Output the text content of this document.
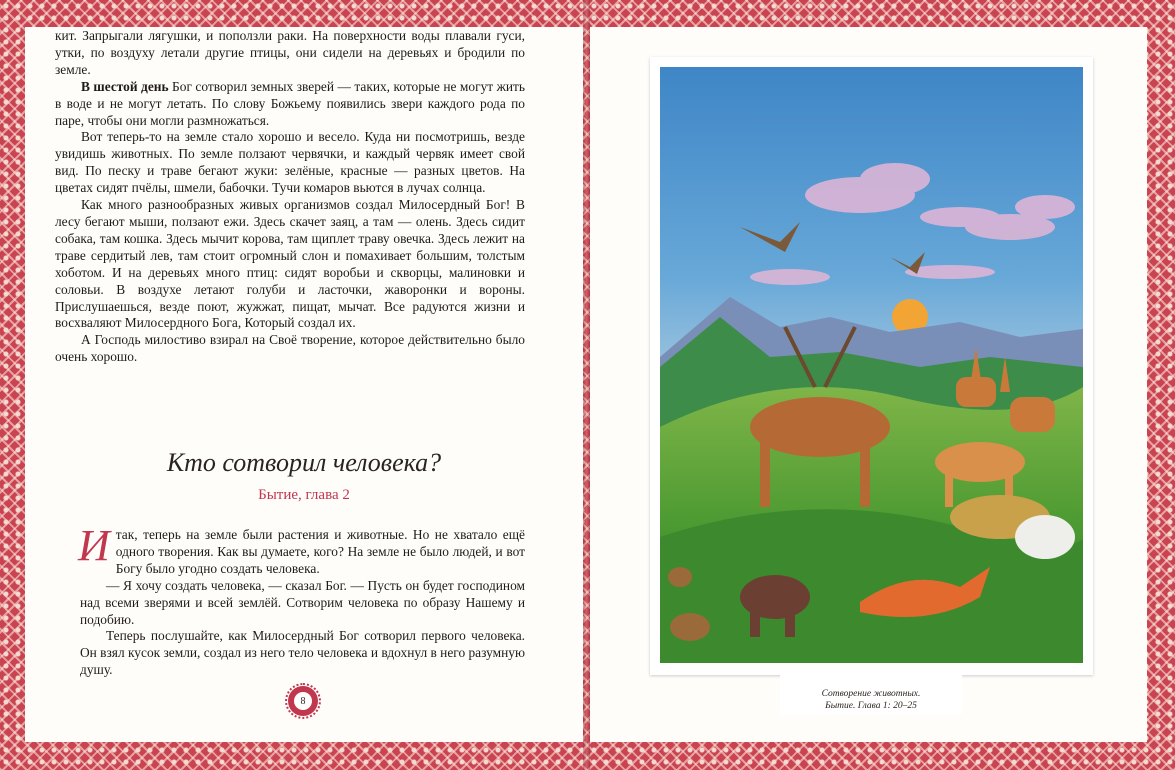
кит. Запрыгали лягушки, и поползли раки. На поверхности воды плавали гуси, утки, по воздуху летали другие птицы, они сидели на деревьях и бродили по земле.

В шестой день Бог сотворил земных зверей — таких, которые не могут жить в воде и не могут летать. По слову Божьему появились звери каждого рода по паре, чтобы они могли размножаться.

Вот теперь-то на земле стало хорошо и весело. Куда ни посмотришь, везде увидишь животных. По земле ползают червячки, и каждый червяк имеет свой вид. По песку и траве бегают жуки: зелёные, красные — разных цветов. На цветах сидят пчёлы, шмели, бабочки. Тучи комаров вьются в лучах солнца.

Как много разнообразных живых организмов создал Милосердный Бог! В лесу бегают мыши, ползают ежи. Здесь скачет заяц, а там — олень. Здесь сидит собака, там кошка. Здесь мычит корова, там щиплет траву овечка. Здесь лежит на траве сердитый лев, там стоит огромный слон и помахивает большим, толстым хоботом. И на деревьях много птиц: сидят воробьи и скворцы, малиновки и соловьи. В воздухе летают голуби и ласточки, жаворонки и вороны. Прислушаешься, везде поют, жужжат, пищат, мычат. Все радуются жизни и восхваляют Милосердного Бога, Который создал их.

А Господь милостиво взирал на Своё творение, которое действительно было очень хорошо.

Кто сотворил человека?
Бытие, глава 2

Итак, теперь на земле были растения и животные. Но не хватало ещё одного творения. Как вы думаете, кого? На земле не было людей, и вот Богу было угодно создать человека.

— Я хочу создать человека, — сказал Бог. — Пусть он будет господином над всеми зверями и всей землёй. Сотворим человека по образу Нашему и подобию.

Теперь послушайте, как Милосердный Бог сотворил первого человека. Он взял кусок земли, создал из него тело человека и вдохнул в него разумную душу.

8
Сотворение животных.
Бытие. Глава 1: 20–25
